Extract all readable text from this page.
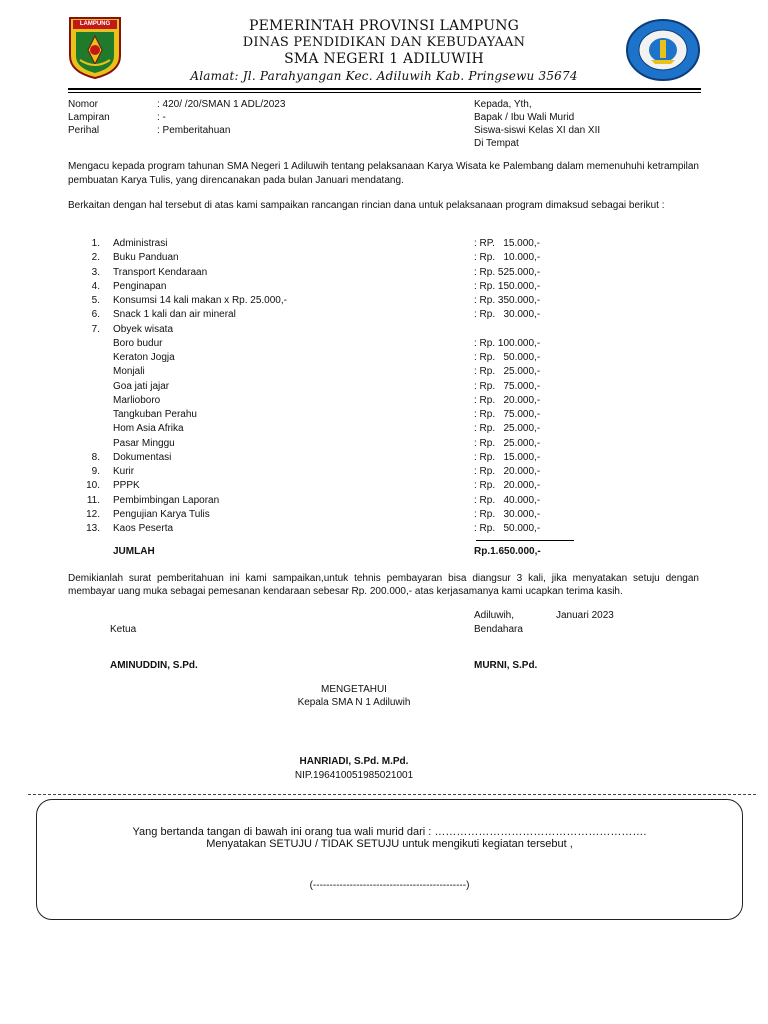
LAMPUNG	PEMERINTAH PROVINSI LAMPUNG
DINAS PENDIDIKAN DAN KEBUDAYAAN
SMA NEGERI 1 ADILUWIH
Alamat: Jl. Parahyangan Kec. Adiluwih Kab. Pringsewu 35674
Nomor	: 420/ /20/SMAN 1 ADL/2023
Lampiran	: -
Perihal	: Pemberitahuan
Kepada, Yth,
Bapak / Ibu Wali Murid
Siswa-siswi Kelas XI dan XII
Di Tempat
Mengacu kepada program tahunan SMA Negeri 1 Adiluwih tentang pelaksanaan Karya Wisata ke Palembang dalam memenuhuhi ketrampilan pembuatan Karya Tulis, yang direncanakan pada bulan Januari mendatang.
Berkaitan dengan hal tersebut di atas kami sampaikan rancangan rincian dana untuk pelaksanaan program dimaksud sebagai berikut :
1. Administrasi	: RP.   15.000,-
2. Buku Panduan	: Rp.   10.000,-
3. Transport Kendaraan	: Rp. 525.000,-
4. Penginapan	: Rp. 150.000,-
5. Konsumsi 14 kali makan x Rp. 25.000,-	: Rp. 350.000,-
6. Snack 1 kali dan air mineral	: Rp.   30.000,-
7. Obyek wisata
Boro budur	: Rp. 100.000,-
Keraton Jogja	: Rp.   50.000,-
Monjali	: Rp.   25.000,-
Goa jati jajar	: Rp.   75.000,-
Marlioboro	: Rp.   20.000,-
Tangkuban Perahu	: Rp.   75.000,-
Hom Asia Afrika	: Rp.   25.000,-
Pasar Minggu	: Rp.   25.000,-
8. Dokumentasi	: Rp.   15.000,-
9. Kurir	: Rp.   20.000,-
10. PPPK	: Rp.   20.000,-
11. Pembimbingan Laporan	: Rp.   40.000,-
12. Pengujian Karya Tulis	: Rp.   30.000,-
13. Kaos Peserta	: Rp.   50.000,-
JUMLAH	Rp.1.650.000,-
Demikianlah surat pemberitahuan ini kami sampaikan,untuk tehnis pembayaran bisa diangsur 3 kali, jika menyatakan setuju dengan membayar uang muka sebagai pemesanan kendaraan sebesar Rp. 200.000,- atas kerjasamanya kami ucapkan terima kasih.
Adiluwih,	Januari 2023
Ketua	Bendahara
AMINUDDIN, S.Pd.	MURNI, S.Pd.
MENGETAHUI
Kepala SMA N 1 Adiluwih
HANRIADI, S.Pd. M.Pd.
NIP.196410051985021001
Yang bertanda tangan di bawah ini orang tua wali murid dari : ………………………………………………….
Menyatakan SETUJU / TIDAK SETUJU untuk mengikuti kegiatan tersebut ,
(----------------------------------------------)
